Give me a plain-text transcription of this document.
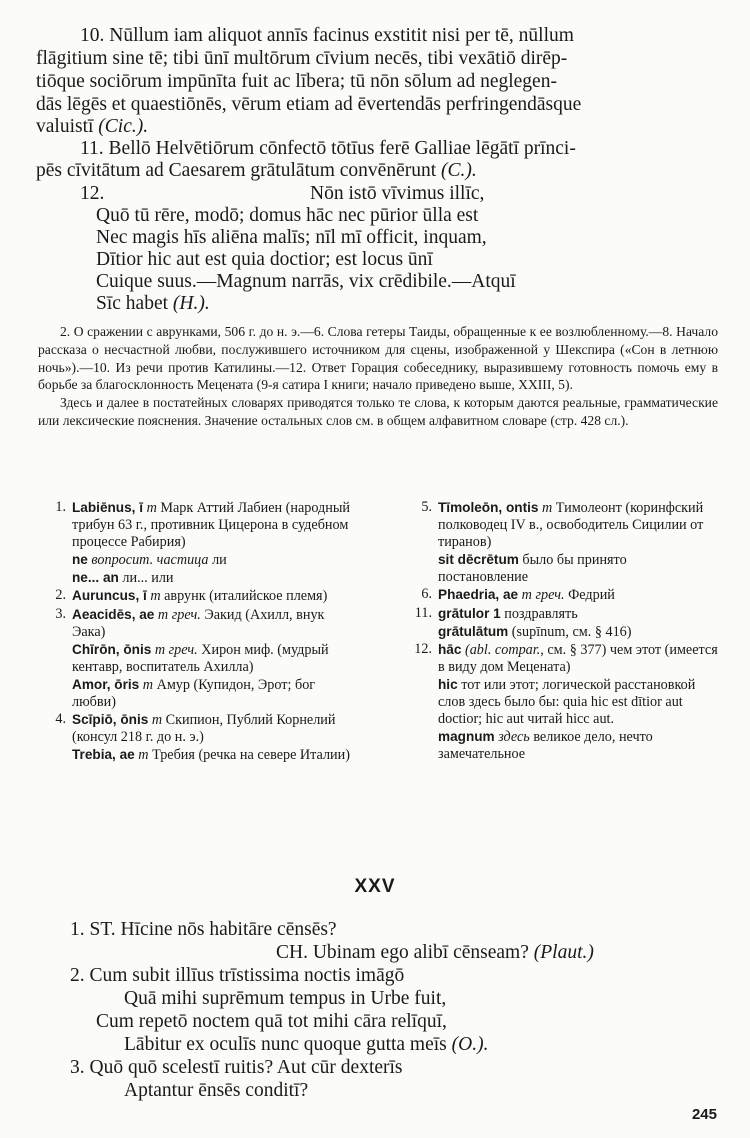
10. Nūllum iam aliquot annīs facinus exstitit nisi per tē, nūllum
flāgitium sine tē; tibi ūnī multōrum cīvium necēs, tibi vexātiō dirēp-
tiōque sociōrum impūnīta fuit ac lībera; tū nōn sōlum ad neglegen-
dās lēgēs et quaestiōnēs, vērum etiam ad ēvertendās perfringendāsque
valuistī (Cic.).
11. Bellō Helvētiōrum cōnfectō tōtīus ferē Galliae lēgātī prīnci-
pēs cīvitātum ad Caesarem grātulātum convēnērunt (C.).
12.	Nōn istō vīvimus illīc,
Quō tū rēre, modō; domus hāc nec pūrior ūlla est
Nec magis hīs aliēna malīs; nīl mī officit, inquam,
Dītior hic aut est quia doctior; est locus ūnī
Cuique suus.—Magnum narrās, vix crēdibile.—Atquī
Sīc habet (H.).

2. О сражении с аврунками, 506 г. до н. э.—6. Слова гетеры Таиды, обращенные к ее возлюбленному.—8. Начало рассказа о несчастной любви, послужившего источником для сцены, изображенной у Шекспира («Сон в летнюю ночь»).—10. Из речи против Катилины.—12. Ответ Горация собеседнику, выразившему готовность помочь ему в борьбе за благосклонность Мецената (9-я сатира I книги; начало приведено выше, XXIII, 5).

Здесь и далее в постатейных словарях приводятся только те слова, к которым даются реальные, грамматические или лексические пояснения. Значение остальных слов см. в общем алфавитном словаре (стр. 428 сл.).

1. Labiēnus, ī m Марк Аттий Лабиен (народный трибун 63 г., противник Цицерона в судебном процессе Рабирия)
ne вопросит. частица ли
ne... an ли... или
2. Auruncus, ī m аврунк (италийское племя)
3. Aeacidēs, ae m греч. Эакид (Ахилл, внук Эака)
Chīrōn, ōnis m греч. Хирон миф. (мудрый кентавр, воспитатель Ахилла)
Amor, ōris m Амур (Купидон, Эрот; бог любви)
4. Scīpiō, ōnis m Скипион, Публий Корнелий (консул 218 г. до н. э.)
Trebia, ae m Требия (речка на севере Италии)
5. Tīmoleōn, ontis m Тимолеонт (коринфский полководец IV в., освободитель Сицилии от тиранов)
sit dēcrētum было бы принято постановление
6. Phaedria, ae m греч. Федрий
11. grātulor 1 поздравлять
grātulātum (supīnum, см. § 416)
12. hāc (abl. compar., см. § 377) чем этот (имеется в виду дом Мецената)
hic тот или этот; логической расстановкой слов здесь было бы: quia hic est dītior aut doctior; hic aut читай hicc aut.
magnum здесь великое дело, нечто замечательное
XXV
1. ST. Hīcine nōs habitāre cēnsēs?
CH. Ubinam ego alibī cēnseam? (Plaut.)
2. Cum subit illīus trīstissima noctis imāgō
Quā mihi suprēmum tempus in Urbe fuit,
Cum repetō noctem quā tot mihi cāra relīquī,
Lābitur ex oculīs nunc quoque gutta meīs (O.).
3. Quō quō scelestī ruitis? Aut cūr dexterīs
Aptantur ēnsēs conditī?
245
